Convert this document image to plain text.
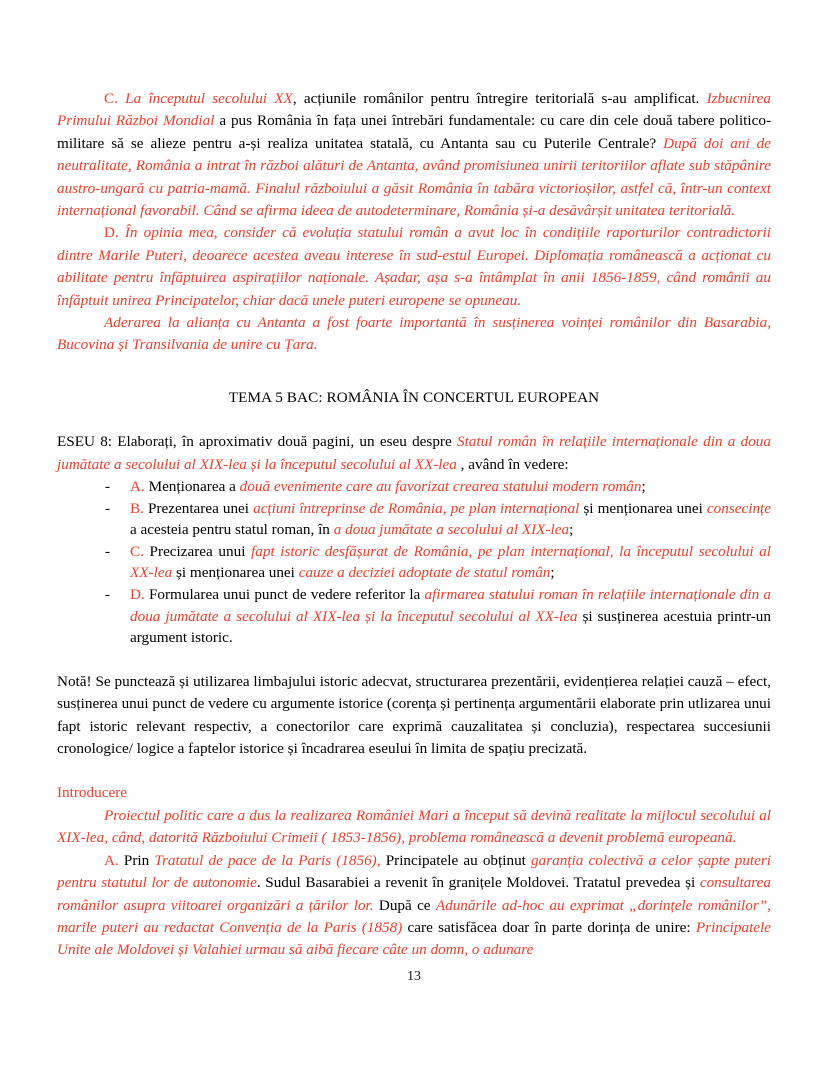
C. La începutul secolului XX, acțiunile românilor pentru întregire teritorială s-au amplificat. Izbucnirea Primului Război Mondial a pus România în fața unei întrebări fundamentale: cu care din cele două tabere politico-militare să se alieze pentru a-și realiza unitatea statală, cu Antanta sau cu Puterile Centrale? După doi ani de neutralitate, România a intrat în război alături de Antanta, având promisiunea unirii teritoriilor aflate sub stăpânire austro-ungară cu patria-mamă. Finalul războiului a găsit România în tabăra victorioșilor, astfel că, într-un context internațional favorabil. Când se afirma ideea de autodeterminare, România și-a desăvârșit unitatea teritorială.

D. În opinia mea, consider că evoluția statului român a avut loc în condițiile raporturilor contradictorii dintre Marile Puteri, deoarece acestea aveau interese în sud-estul Europei. Diplomația românească a acționat cu abilitate pentru înfăptuirea aspirațiilor naționale. Așadar, așa s-a întâmplat în anii 1856-1859, când românii au înfăptuit unirea Principatelor, chiar dacă unele puteri europene se opuneau.

Aderarea la alianța cu Antanta a fost foarte importantă în susținerea voinței românilor din Basarabia, Bucovina și Transilvania de unire cu Țara.

TEMA 5 BAC: ROMÂNIA ÎN CONCERTUL EUROPEAN

ESEU 8: Elaborați, în aproximativ două pagini, un eseu despre Statul român în relațiile internaționale din a doua jumătate a secolului al XIX-lea și la începutul secolului al XX-lea , având în vedere:

- A. Menționarea a două evenimente care au favorizat crearea statului modern român;
- B. Prezentarea unei acțiuni întreprinse de România, pe plan internațional și menționarea unei consecințe a acesteia pentru statul roman, în a doua jumătate a secolului al XIX-lea;
- C. Precizarea unui fapt istoric desfășurat de România, pe plan internațional, la începutul secolului al XX-lea și menționarea unei cauze a deciziei adoptate de statul român;
- D. Formularea unui punct de vedere referitor la afirmarea statului roman în relațiile internaționale din a doua jumătate a secolului al XIX-lea și la începutul secolului al XX-lea și susținerea acestuia printr-un argument istoric.

Notă! Se punctează și utilizarea limbajului istoric adecvat, structurarea prezentării, evidențierea relației cauză – efect, susținerea unui punct de vedere cu argumente istorice (corența și pertinența argumentării elaborate prin utlizarea unui fapt istoric relevant respectiv, a conectorilor care exprimă cauzalitatea și concluzia), respectarea succesiunii cronologice/ logice a faptelor istorice și încadrarea eseului în limita de spațiu precizată.

Introducere

Proiectul politic care a dus la realizarea României Mari a început să devină realitate la mijlocul secolului al XIX-lea, când, datorită Războiului Crimeii ( 1853-1856), problema românească a devenit problemă europeană.

A. Prin Tratatul de pace de la Paris (1856), Principatele au obținut garanția colectivă a celor șapte puteri pentru statutul lor de autonomie. Sudul Basarabiei a revenit în granițele Moldovei. Tratatul prevedea și consultarea românilor asupra viitoarei organizări a țărilor lor. După ce Adunările ad-hoc au exprimat „dorințele românilor”, marile puteri au redactat Convenția de la Paris (1858) care satisfăcea doar în parte dorința de unire: Principatele Unite ale Moldovei și Valahiei urmau să aibă fiecare câte un domn, o adunare

13
